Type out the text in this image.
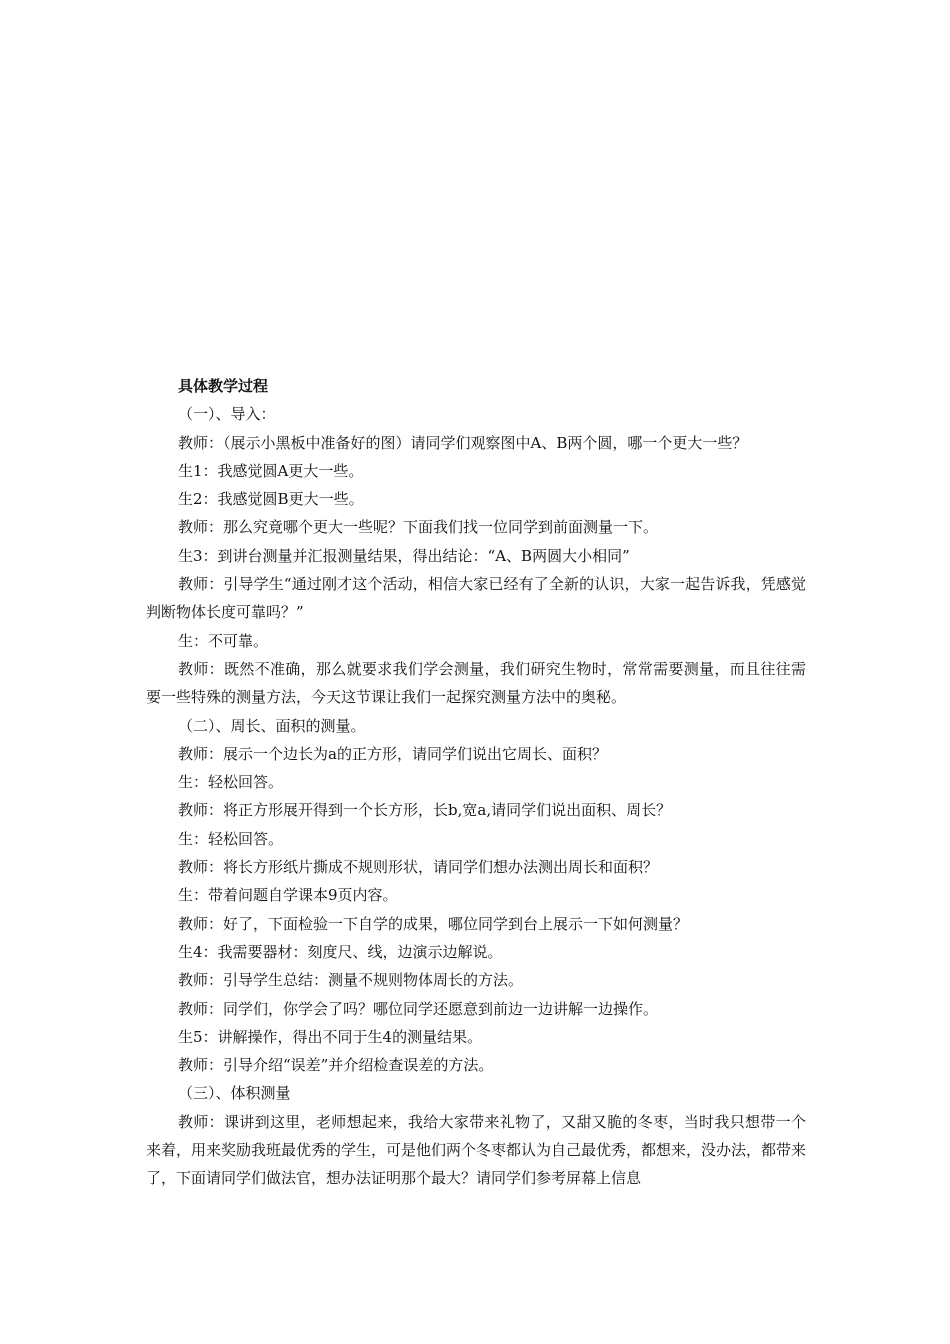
具体教学过程
（一）、导入：
教师：（展示小黑板中准备好的图）请同学们观察图中A、B两个圆，哪一个更大一些？
生1：我感觉圆A更大一些。
生2：我感觉圆B更大一些。
教师：那么究竟哪个更大一些呢？下面我们找一位同学到前面测量一下。
生3：到讲台测量并汇报测量结果，得出结论：“A、B两圆大小相同”
教师：引导学生“通过刚才这个活动，相信大家已经有了全新的认识，大家一起告诉我，凭感觉判断物体长度可靠吗？”
生：不可靠。
教师：既然不准确，那么就要求我们学会测量，我们研究生物时，常常需要测量，而且往往需要一些特殊的测量方法，今天这节课让我们一起探究测量方法中的奥秘。
（二）、周长、面积的测量。
教师：展示一个边长为a的正方形，请同学们说出它周长、面积？
生：轻松回答。
教师：将正方形展开得到一个长方形，长b,宽a,请同学们说出面积、周长？
生：轻松回答。
教师：将长方形纸片撕成不规则形状，请同学们想办法测出周长和面积？
生：带着问题自学课本9页内容。
教师：好了，下面检验一下自学的成果，哪位同学到台上展示一下如何测量？
生4：我需要器材：刻度尺、线，边演示边解说。
教师：引导学生总结：测量不规则物体周长的方法。
教师：同学们，你学会了吗？哪位同学还愿意到前边一边讲解一边操作。
生5：讲解操作，得出不同于生4的测量结果。
教师：引导介绍“误差”并介绍检查误差的方法。
（三）、体积测量
教师：课讲到这里，老师想起来，我给大家带来礼物了，又甜又脆的冬枣，当时我只想带一个来着，用来奖励我班最优秀的学生，可是他们两个冬枣都认为自己最优秀，都想来，没办法，都带来了，下面请同学们做法官，想办法证明那个最大？请同学们参考屏幕上信息
